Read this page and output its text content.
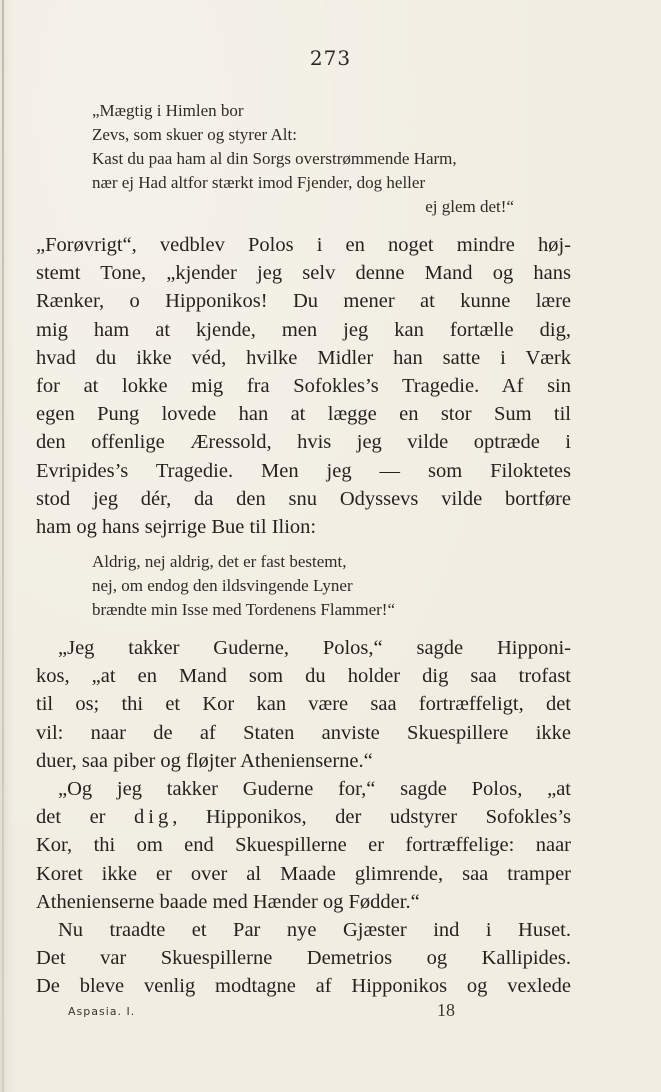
273
„Mægtig i Himlen bor
Zevs, som skuer og styrer Alt:
Kast du paa ham al din Sorgs overstrømmende Harm,
nær ej Had altfor stærkt imod Fjender, dog heller
ej glem det!“
„Forøvrigt“, vedblev Polos i en noget mindre høj-
stemt Tone, „kjender jeg selv denne Mand og hans
Rænker, o Hipponikos! Du mener at kunne lære
mig ham at kjende, men jeg kan fortælle dig,
hvad du ikke véd, hvilke Midler han satte i Værk
for at lokke mig fra Sofokles’s Tragedie. Af sin
egen Pung lovede han at lægge en stor Sum til
den offenlige Æressold, hvis jeg vilde optræde i
Evripides’s Tragedie. Men jeg — som Filoktetes
stod jeg dér, da den snu Odyssevs vilde bortføre
ham og hans sejrrige Bue til Ilion:
Aldrig, nej aldrig, det er fast bestemt,
nej, om endog den ildsvingende Lyner
brændte min Isse med Tordenens Flammer!“
„Jeg takker Guderne, Polos,“ sagde Hipponi-
kos, „at en Mand som du holder dig saa trofast
til os; thi et Kor kan være saa fortræffeligt, det
vil: naar de af Staten anviste Skuespillere ikke
duer, saa piber og fløjter Athenienserne.“
„Og jeg takker Guderne for,“ sagde Polos, „at
det er dig, Hipponikos, der udstyrer Sofokles’s
Kor, thi om end Skuespillerne er fortræffelige: naar
Koret ikke er over al Maade glimrende, saa tramper
Athenienserne baade med Hænder og Fødder.“
Nu traadte et Par nye Gjæster ind i Huset.
Det var Skuespillerne Demetrios og Kallipides.
De bleve venlig modtagne af Hipponikos og vexlede
Aspasia. I.	18
